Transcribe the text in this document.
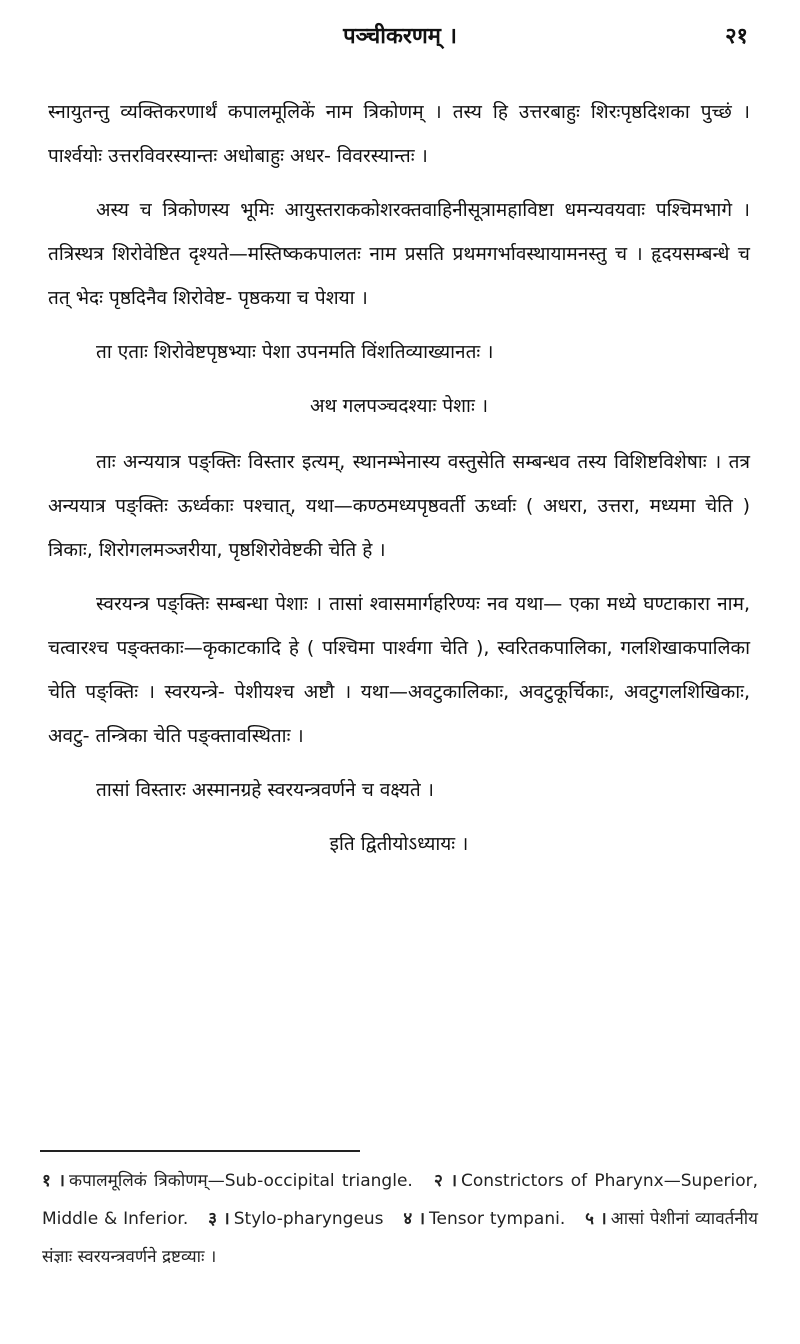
पञ्चीकरणम् ।	२१

स्नायुतन्तु व्यक्तिकरणार्थं कपालमूलिकें नाम त्रिकोणम् । तस्य हि उत्तरबाहुः शिरःपृष्ठदिशका पुच्छं । पार्श्वयोः उत्तरविवरस्यान्तः अधोबाहुः अधर- विवरस्यान्तः ।

अस्य च त्रिकोणस्य भूमिः आयुस्तराककोशरक्तवाहिनीसूत्रामहाविष्टा धमन्यवयवाः पश्चिमभागे । तत्रिस्थत्र शिरोवेष्टित दृश्यते—मस्तिष्ककपालतः नाम प्रसति प्रथमगर्भावस्थायामनस्तु च । हृदयसम्बन्धे च तत् भेदः पृष्ठदिनैव शिरोवेष्ट- पृष्ठकया च पेशया ।

ता एताः शिरोवेष्टपृष्ठभ्याः पेशा उपनमति विंशतिव्याख्यानतः ।

अथ गलपञ्चदश्याः पेशाः ।

ताः अन्ययात्र पङ्क्तिः विस्तार इत्यम्, स्थानम्भेनास्य वस्तुसेति सम्बन्धव तस्य विशिष्टविशेषाः । तत्र अन्ययात्र पङ्क्तिः ऊर्ध्वकाः पश्चात्, यथा—कण्ठमध्यपृष्ठवर्ती ऊर्ध्वाः ( अधरा, उत्तरा, मध्यमा चेति ) त्रिकाः, शिरोगलमञ्जरीया, पृष्ठशिरोवेष्टकी चेति हे ।

स्वरयन्त्र पङ्क्तिः सम्बन्धा पेशाः । तासां श्वासमार्गहरिण्यः नव यथा— एका मध्ये घण्टाकारा नाम, चत्वारश्च पङ्क्तकाः—कृकाटकादि हे ( पश्चिमा पार्श्वगा चेति ), स्वरितकपालिका, गलशिखाकपालिका चेति पङ्क्तिः । स्वरयन्त्रे- पेशीयश्च अष्टौ । यथा—अवटुकालिकाः, अवटुकूर्चिकाः, अवटुगलशिखिकाः, अवटु- तन्त्रिका चेति पङ्क्तावस्थिताः ।

तासां विस्तारः अस्मानग्रहे स्वरयन्त्रवर्णने च वक्ष्यते ।

इति द्वितीयोऽध्यायः ।
१ । कपालमूलिकं त्रिकोणम्—Sub-occipital triangle. २ । Constrictors of Pharynx—Superior, Middle & Inferior. ३ । Stylo-pharyngeus ४ । Tensor tympani. ५ । आसां पेशीनां व्यावर्तनीय संज्ञाः स्वरयन्त्रवर्णने द्रष्टव्याः ।
